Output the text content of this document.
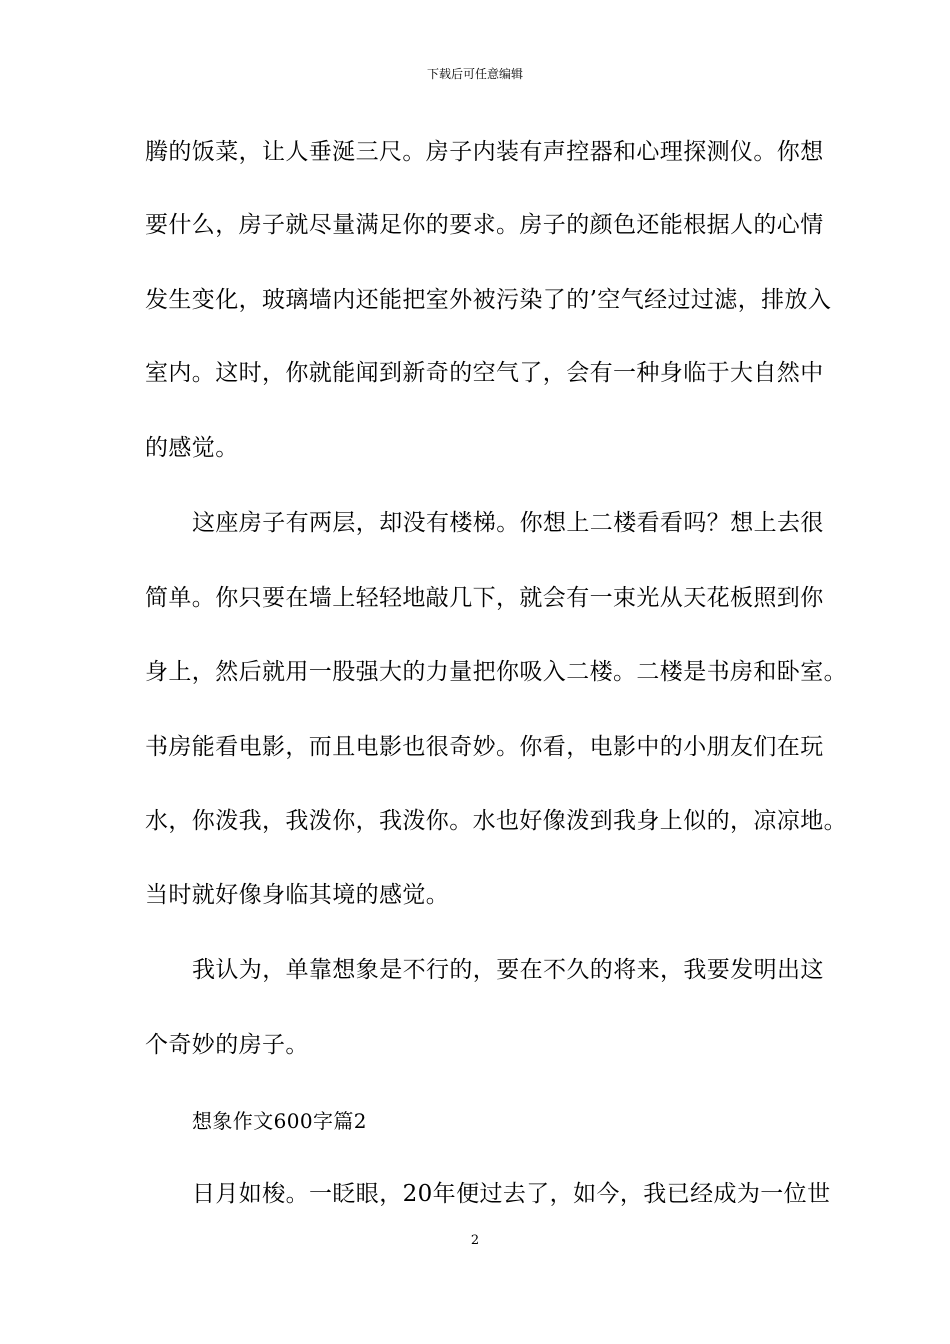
下载后可任意编辑
腾的饭菜，让人垂涎三尺。房子内装有声控器和心理探测仪。你想
要什么，房子就尽量满足你的要求。房子的颜色还能根据人的心情
发生变化，玻璃墙内还能把室外被污染了的’空气经过过滤，排放入
室内。这时，你就能闻到新奇的空气了，会有一种身临于大自然中
的感觉。
这座房子有两层，却没有楼梯。你想上二楼看看吗？想上去很
简单。你只要在墙上轻轻地敲几下，就会有一束光从天花板照到你
身上，然后就用一股强大的力量把你吸入二楼。二楼是书房和卧室。
书房能看电影，而且电影也很奇妙。你看，电影中的小朋友们在玩
水，你泼我，我泼你，我泼你。水也好像泼到我身上似的，凉凉地。
当时就好像身临其境的感觉。
我认为，单靠想象是不行的，要在不久的将来，我要发明出这
个奇妙的房子。
想象作文600字篇2
日月如梭。一眨眼，20年便过去了，如今，我已经成为一位世
2
